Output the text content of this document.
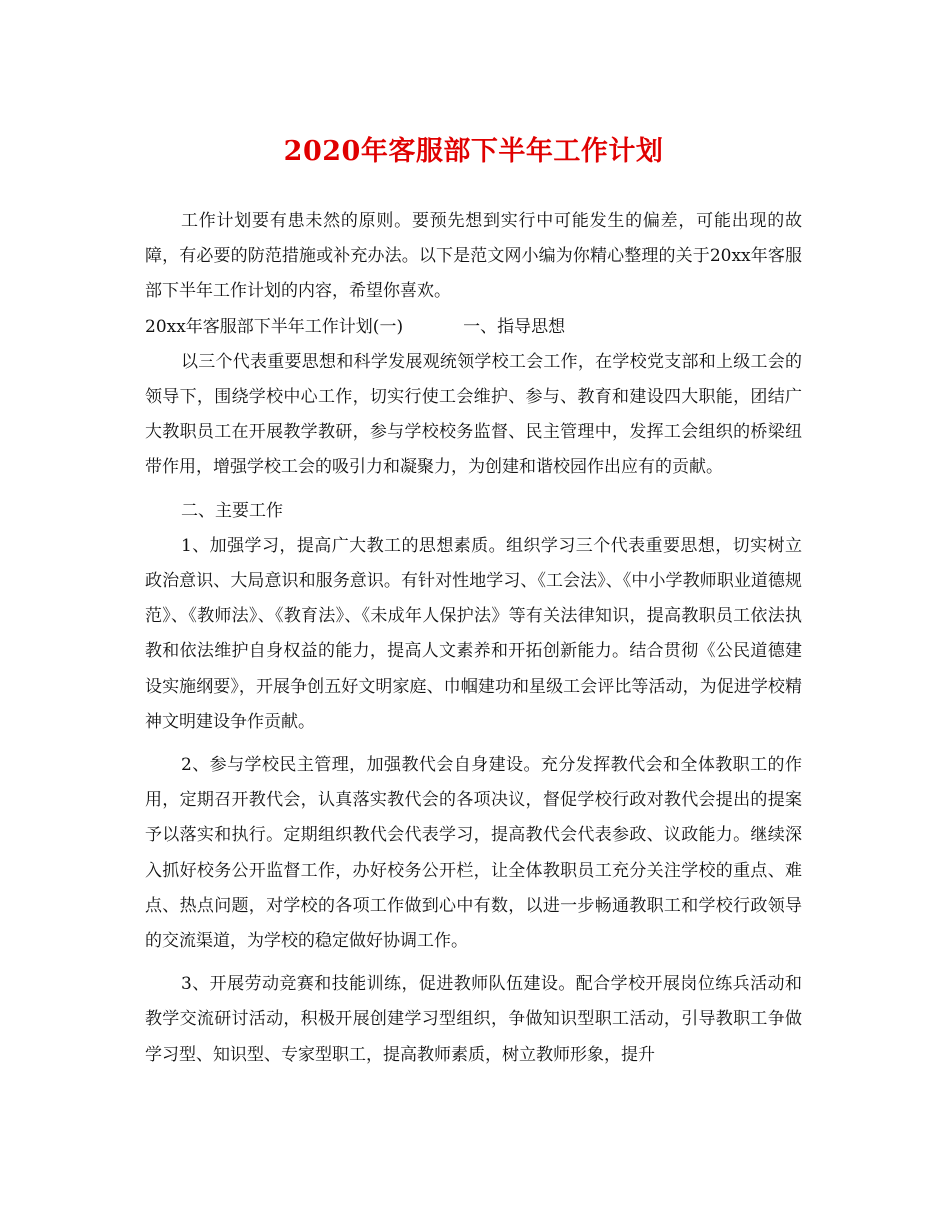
2020年客服部下半年工作计划

工作计划要有患未然的原则。要预先想到实行中可能发生的偏差，可能出现的故障，有必要的防范措施或补充办法。以下是范文网小编为你精心整理的关于20xx年客服部下半年工作计划的内容，希望你喜欢。

20xx年客服部下半年工作计划(一)	一、指导思想

以三个代表重要思想和科学发展观统领学校工会工作，在学校党支部和上级工会的领导下，围绕学校中心工作，切实行使工会维护、参与、教育和建设四大职能，团结广大教职员工在开展教学教研，参与学校校务监督、民主管理中，发挥工会组织的桥梁纽带作用，增强学校工会的吸引力和凝聚力，为创建和谐校园作出应有的贡献。

二、主要工作

1、加强学习，提高广大教工的思想素质。组织学习三个代表重要思想，切实树立政治意识、大局意识和服务意识。有针对性地学习、《工会法》、《中小学教师职业道德规范》、《教师法》、《教育法》、《未成年人保护法》等有关法律知识，提高教职员工依法执教和依法维护自身权益的能力，提高人文素养和开拓创新能力。结合贯彻《公民道德建设实施纲要》，开展争创五好文明家庭、巾帼建功和星级工会评比等活动，为促进学校精神文明建设争作贡献。

2、参与学校民主管理，加强教代会自身建设。充分发挥教代会和全体教职工的作用，定期召开教代会，认真落实教代会的各项决议，督促学校行政对教代会提出的提案予以落实和执行。定期组织教代会代表学习，提高教代会代表参政、议政能力。继续深入抓好校务公开监督工作，办好校务公开栏，让全体教职员工充分关注学校的重点、难点、热点问题，对学校的各项工作做到心中有数，以进一步畅通教职工和学校行政领导的交流渠道，为学校的稳定做好协调工作。

3、开展劳动竞赛和技能训练，促进教师队伍建设。配合学校开展岗位练兵活动和教学交流研讨活动，积极开展创建学习型组织，争做知识型职工活动，引导教职工争做学习型、知识型、专家型职工，提高教师素质，树立教师形象，提升
